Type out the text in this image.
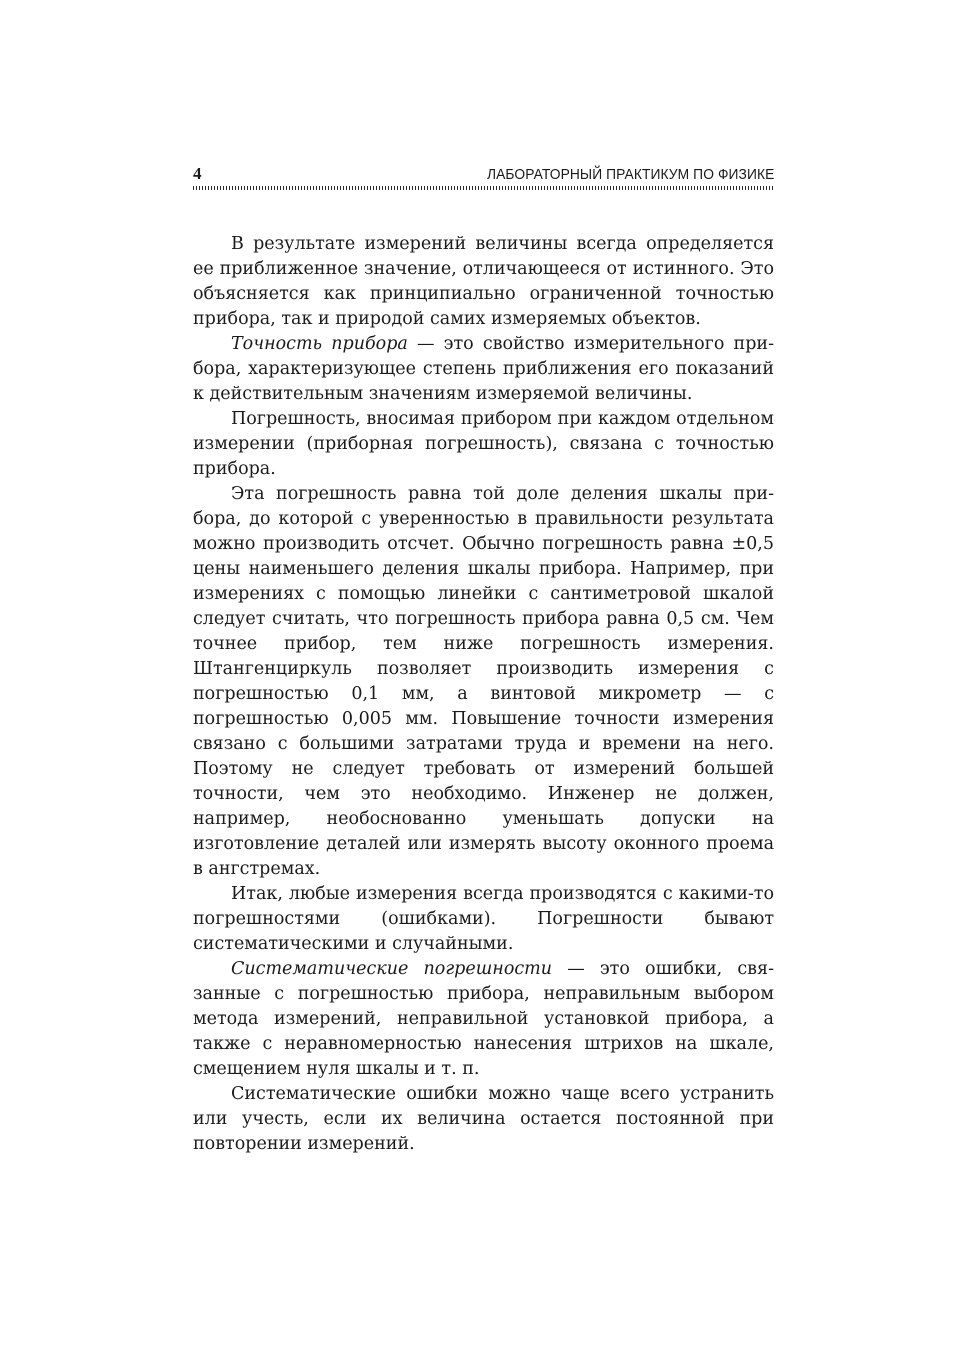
4	ЛАБОРАТОРНЫЙ ПРАКТИКУМ ПО ФИЗИКЕ

В результате измерений величины всегда определяется ее приближенное значение, отличающееся от истинного. Это объясняется как принципиально ограниченной точностью прибора, так и природой самих измеряемых объектов.

Точность прибора — это свойство измерительного прибора, характеризующее степень приближения его показаний к действительным значениям измеряемой величины.

Погрешность, вносимая прибором при каждом отдельном измерении (приборная погрешность), связана с точностью прибора.

Эта погрешность равна той доле деления шкалы прибора, до которой с уверенностью в правильности результата можно производить отсчет. Обычно погрешность равна ±0,5 цены наименьшего деления шкалы прибора. Например, при измерениях с помощью линейки с сантиметровой шкалой следует считать, что погрешность прибора равна 0,5 см. Чем точнее прибор, тем ниже погрешность измерения. Штангенциркуль позволяет производить измерения с погрешностью 0,1 мм, а винтовой микрометр — с погрешностью 0,005 мм. Повышение точности измерения связано с большими затратами труда и времени на него. Поэтому не следует требовать от измерений большей точности, чем это необходимо. Инженер не должен, например, необоснованно уменьшать допуски на изготовление деталей или измерять высоту оконного проема в ангстремах.

Итак, любые измерения всегда производятся с какими-то погрешностями (ошибками). Погрешности бывают систематическими и случайными.

Систематические погрешности — это ошибки, связанные с погрешностью прибора, неправильным выбором метода измерений, неправильной установкой прибора, а также с неравномерностью нанесения штрихов на шкале, смещением нуля шкалы и т. п.

Систематические ошибки можно чаще всего устранить или учесть, если их величина остается постоянной при повторении измерений.
